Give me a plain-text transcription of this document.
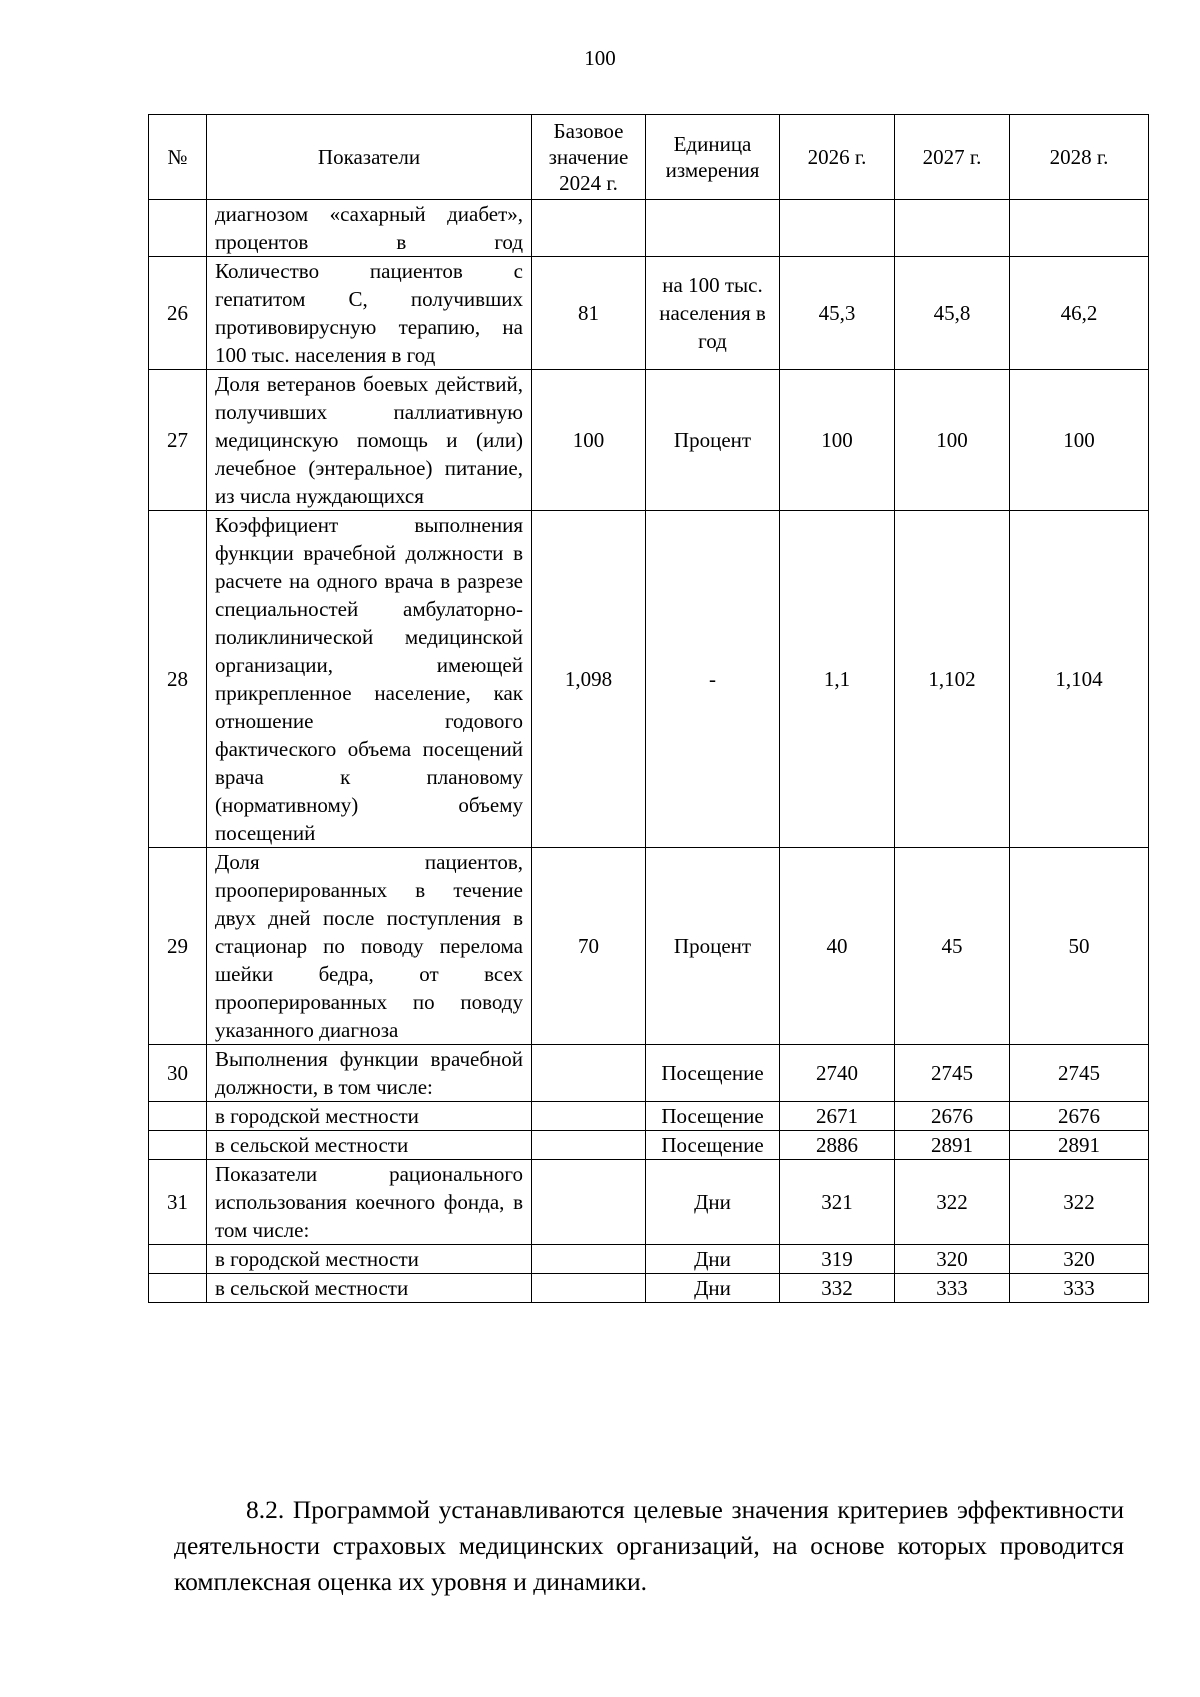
100
№	Показатели	Базовое значение 2024 г.	Единица измерения	2026 г.	2027 г.	2028 г.
	диагнозом «сахарный диабет», процентов в год					
26	Количество пациентов с гепатитом С, получивших противовирусную терапию, на 100 тыс. населения в год	81	на 100 тыс. населения в год	45,3	45,8	46,2
27	Доля ветеранов боевых действий, получивших паллиативную медицинскую помощь и (или) лечебное (энтеральное) питание, из числа нуждающихся	100	Процент	100	100	100
28	Коэффициент выполнения функции врачебной должности в расчете на одного врача в разрезе специальностей амбулаторно-поликлинической медицинской организации, имеющей прикрепленное население, как отношение годового фактического объема посещений врача к плановому (нормативному) объему посещений	1,098	-	1,1	1,102	1,104
29	Доля пациентов, прооперированных в течение двух дней после поступления в стационар по поводу перелома шейки бедра, от всех прооперированных по поводу указанного диагноза	70	Процент	40	45	50
30	Выполнения функции врачебной должности, в том числе:		Посещение	2740	2745	2745
	в городской местности		Посещение	2671	2676	2676
	в сельской местности		Посещение	2886	2891	2891
31	Показатели рационального использования коечного фонда, в том числе:		Дни	321	322	322
	в городской местности		Дни	319	320	320
	в сельской местности		Дни	332	333	333

8.2. Программой устанавливаются целевые значения критериев эффективности деятельности страховых медицинских организаций, на основе которых проводится комплексная оценка их уровня и динамики.
